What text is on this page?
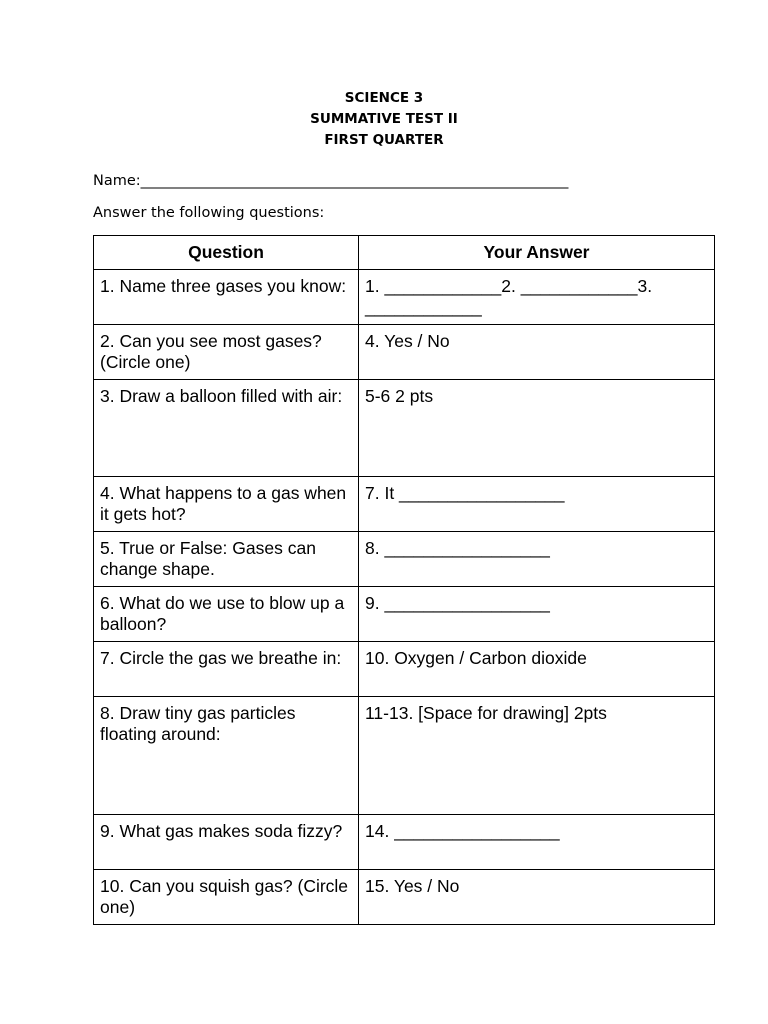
SCIENCE 3
SUMMATIVE TEST II
FIRST QUARTER
Name:___________________________________________________________
Answer the following questions:
Question	Your Answer
1. Name three gases you know:	1. ____________2. ____________3. ____________
2. Can you see most gases? (Circle one)	4. Yes / No
3. Draw a balloon filled with air:	5-6 2 pts
4. What happens to a gas when it gets hot?	7. It _________________
5. True or False: Gases can change shape.	8. _________________
6. What do we use to blow up a balloon?	9. _________________
7. Circle the gas we breathe in:	10. Oxygen / Carbon dioxide
8. Draw tiny gas particles floating around:	11-13. [Space for drawing] 2pts
9. What gas makes soda fizzy?	14. _________________
10. Can you squish gas? (Circle one)	15. Yes / No
